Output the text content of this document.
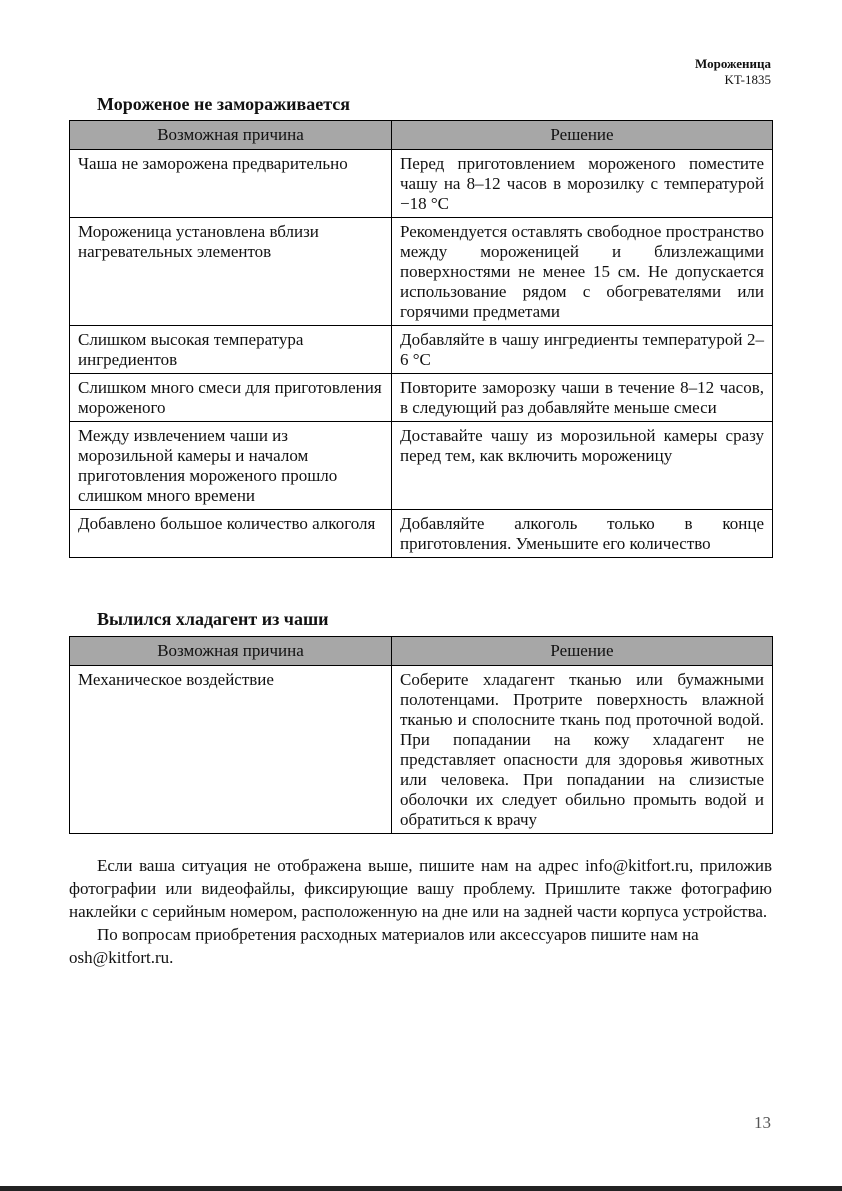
Мороженица
KT-1835
Мороженое не замораживается
Возможная причина	Решение
Чаша не заморожена предварительно	Перед приготовлением мороженого поместите чашу на 8–12 часов в морозилку с температурой −18 °С
Мороженица установлена вблизи нагревательных элементов	Рекомендуется оставлять свободное пространство между мороженицей и близлежащими поверхностями не менее 15 см. Не допускается использование рядом с обогревателями или горячими предметами
Слишком высокая температура ингредиентов	Добавляйте в чашу ингредиенты температурой 2–6 °С
Слишком много смеси для приготовления мороженого	Повторите заморозку чаши в течение 8–12 часов, в следующий раз добавляйте меньше смеси
Между извлечением чаши из морозильной камеры и началом приготовления мороженого прошло слишком много времени	Доставайте чашу из морозильной камеры сразу перед тем, как включить мороженицу
Добавлено большое количество алкоголя	Добавляйте алкоголь только в конце приготовления. Уменьшите его количество
Вылился хладагент из чаши
Возможная причина	Решение
Механическое воздействие	Соберите хладагент тканью или бумажными полотенцами. Протрите поверхность влажной тканью и сполосните ткань под проточной водой. При попадании на кожу хладагент не представляет опасности для здоровья животных или человека. При попадании на слизистые оболочки их следует обильно промыть водой и обратиться к врачу

Если ваша ситуация не отображена выше, пишите нам на адрес info@kitfort.ru, приложив фотографии или видеофайлы, фиксирующие вашу проблему. Пришлите также фотографию наклейки с серийным номером, расположенную на дне или на задней части корпуса устройства.

По вопросам приобретения расходных материалов или аксессуаров пишите нам на osh@kitfort.ru.

13
